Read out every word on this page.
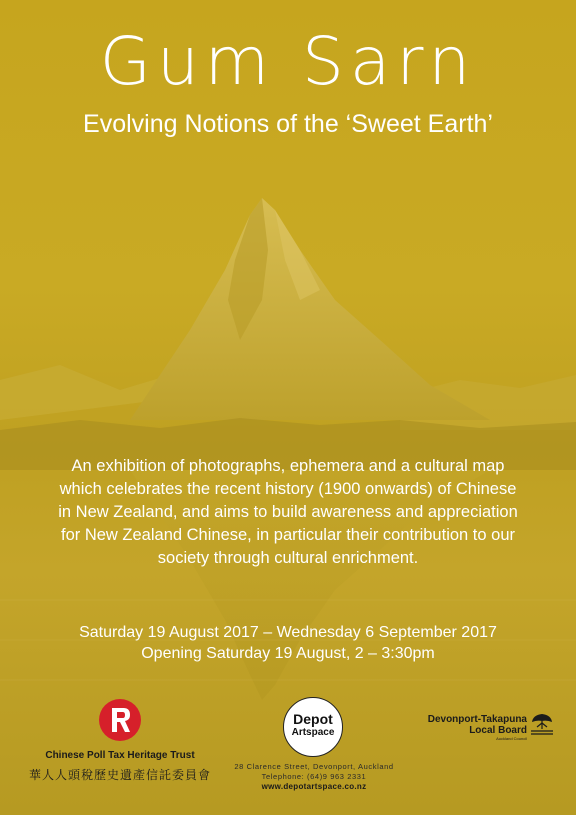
Gum Sarn
Evolving Notions of the ‘Sweet Earth’
An exhibition of photographs, ephemera and a cultural map which celebrates the recent history (1900 onwards) of Chinese in New Zealand, and aims to build awareness and appreciation for New Zealand Chinese, in particular their contribution to our society through cultural enrichment.
Saturday 19 August 2017 – Wednesday 6 September 2017
Opening Saturday 19 August, 2 – 3:30pm
Chinese Poll Tax Heritage Trust
華人人頭稅歷史遺產信託委員會
Depot
Artspace
28 Clarence Street, Devonport, Auckland
Telephone: (64)9 963 2331
www.depotartspace.co.nz
Devonport-Takapuna
Local Board
Auckland Council
